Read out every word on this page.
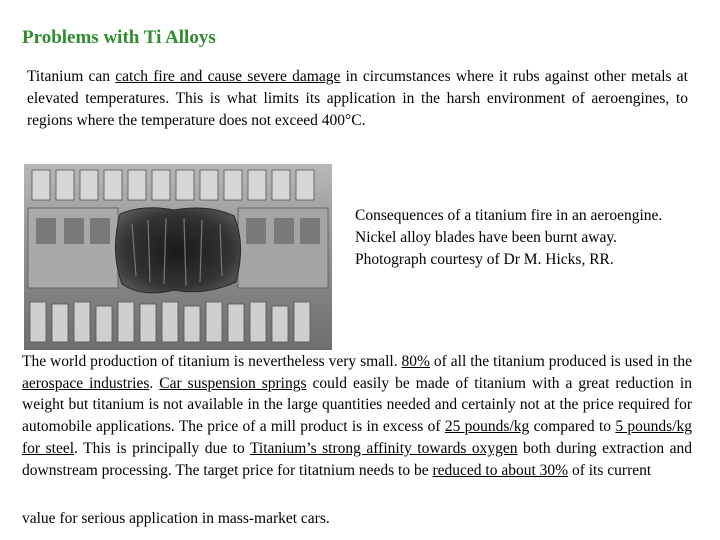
Problems with Ti Alloys

Titanium can catch fire and cause severe damage in circumstances where it rubs against other metals at elevated temperatures. This is what limits its application in the harsh environment of aeroengines, to regions where the temperature does not exceed 400°C.

Consequences of a titanium fire in an aeroengine. Nickel alloy blades have been burnt away. Photograph courtesy of Dr M. Hicks, RR.

The world production of titanium is nevertheless very small. 80% of all the titanium produced is used in the aerospace industries. Car suspension springs could easily be made of titanium with a great reduction in weight but titanium is not available in the large quantities needed and certainly not at the price required for automobile applications. The price of a mill product is in excess of 25 pounds/kg compared to 5 pounds/kg for steel. This is principally due to Titanium’s strong affinity towards oxygen both during extraction and downstream processing. The target price for titatnium needs to be reduced to about 30% of its current

value for serious application in mass-market cars.
